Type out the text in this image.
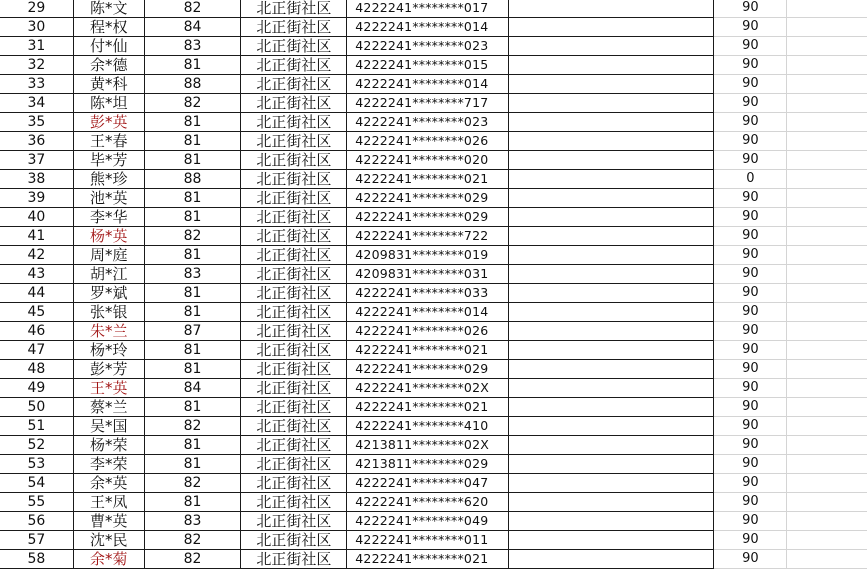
29	陈*文	82	北正街社区	4222241********017		90	
30	程*权	84	北正街社区	4222241********014		90	
31	付*仙	83	北正街社区	4222241********023		90	
32	余*德	81	北正街社区	4222241********015		90	
33	黄*科	88	北正街社区	4222241********014		90	
34	陈*坦	82	北正街社区	4222241********717		90	
35	彭*英	81	北正街社区	4222241********023		90	
36	王*春	81	北正街社区	4222241********026		90	
37	毕*芳	81	北正街社区	4222241********020		90	
38	熊*珍	88	北正街社区	4222241********021		0	
39	池*英	81	北正街社区	4222241********029		90	
40	李*华	81	北正街社区	4222241********029		90	
41	杨*英	82	北正街社区	4222241********722		90	
42	周*庭	81	北正街社区	4209831********019		90	
43	胡*江	83	北正街社区	4209831********031		90	
44	罗*斌	81	北正街社区	4222241********033		90	
45	张*银	81	北正街社区	4222241********014		90	
46	朱*兰	87	北正街社区	4222241********026		90	
47	杨*玲	81	北正街社区	4222241********021		90	
48	彭*芳	81	北正街社区	4222241********029		90	
49	王*英	84	北正街社区	4222241********02X		90	
50	蔡*兰	81	北正街社区	4222241********021		90	
51	吴*国	82	北正街社区	4222241********410		90	
52	杨*荣	81	北正街社区	4213811********02X		90	
53	李*荣	81	北正街社区	4213811********029		90	
54	余*英	82	北正街社区	4222241********047		90	
55	王*凤	81	北正街社区	4222241********620		90	
56	曹*英	83	北正街社区	4222241********049		90	
57	沈*民	82	北正街社区	4222241********011		90	
58	余*菊	82	北正街社区	4222241********021		90	
